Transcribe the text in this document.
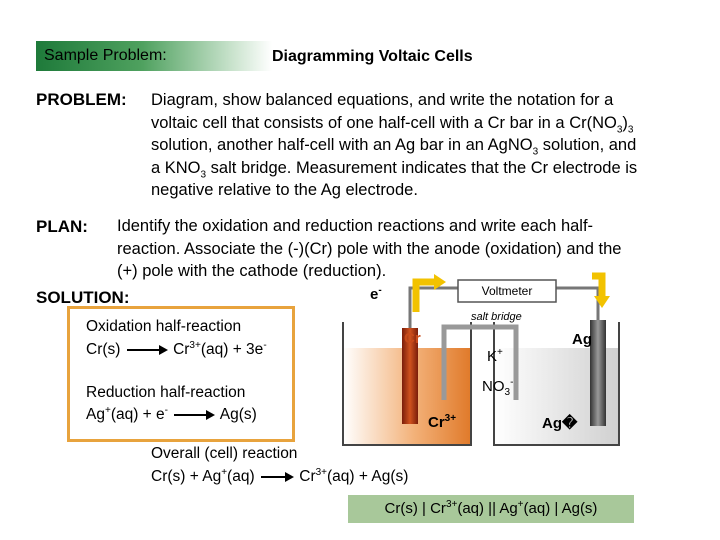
Sample Problem:	Diagramming Voltaic Cells
PROBLEM: Diagram, show balanced equations, and write the notation for a
voltaic cell that consists of one half-cell with a Cr bar in a $Cr(NO_3)_3$
solution, another half-cell with an Ag bar in an AgNO$_3$ solution, and
a $KNO_3$ salt bridge. Measurement indicates that the Cr electrode is
negative relative to the Ag electrode.
PLAN: Identify the oxidation and reduction reactions and write each half-
reaction. Associate the (-)(Cr) pole with the anode (oxidation) and the
(+) pole with the cathode (reduction).
SOLUTION:
Oxidation half-reaction
$Cr(s) \to Cr^{3+}(aq) + 3e^-$
Reduction half-reaction
Ag+(aq) + e- → Ag(s)
Overall (cell) reaction
$Cr(s) + Ag^+(aq) \to Cr^{3+}(aq) + Ag(s)$
Cr(s) | $Cr^{3+}(aq)$ || Ag+(aq) | Ag(s)
e-	Voltmeter
salt bridge
Cr	Ag
K+
$NO_3^-$
$Cr^{3+}$	Ag�
